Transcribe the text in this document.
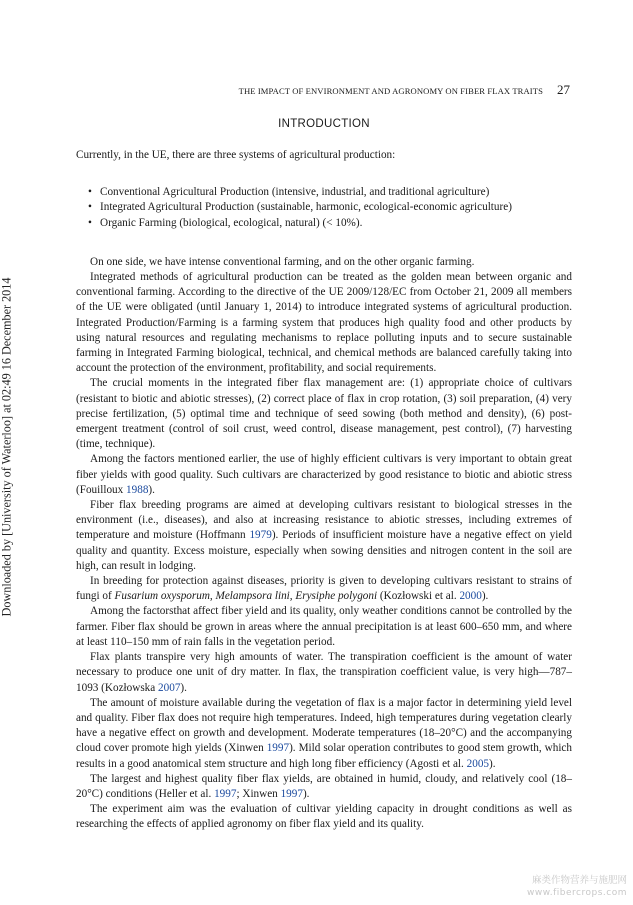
Downloaded by [University of Waterloo] at 02:49 16 December 2014
THE IMPACT OF ENVIRONMENT AND AGRONOMY ON FIBER FLAX TRAITS 27
INTRODUCTION

Currently, in the UE, there are three systems of agricultural production:

• Conventional Agricultural Production (intensive, industrial, and traditional agriculture)
• Integrated Agricultural Production (sustainable, harmonic, ecological-economic agriculture)
• Organic Farming (biological, ecological, natural) (< 10%).

On one side, we have intense conventional farming, and on the other organic farming.

Integrated methods of agricultural production can be treated as the golden mean between organic and conventional farming. According to the directive of the UE 2009/128/EC from October 21, 2009 all members of the UE were obligated (until January 1, 2014) to introduce integrated systems of agricultural production. Integrated Production/Farming is a farming system that produces high quality food and other products by using natural resources and regulating mechanisms to replace polluting inputs and to secure sustainable farming in Integrated Farming biological, technical, and chemical methods are balanced carefully taking into account the protection of the environment, profitability, and social requirements.

The crucial moments in the integrated fiber flax management are: (1) appropriate choice of cultivars (resistant to biotic and abiotic stresses), (2) correct place of flax in crop rotation, (3) soil preparation, (4) very precise fertilization, (5) optimal time and technique of seed sowing (both method and density), (6) post-emergent treatment (control of soil crust, weed control, disease management, pest control), (7) harvesting (time, technique).

Among the factors mentioned earlier, the use of highly efficient cultivars is very important to obtain great fiber yields with good quality. Such cultivars are characterized by good resistance to biotic and abiotic stress (Fouilloux 1988).

Fiber flax breeding programs are aimed at developing cultivars resistant to biological stresses in the environment (i.e., diseases), and also at increasing resistance to abiotic stresses, including extremes of temperature and moisture (Hoffmann 1979). Periods of insufficient moisture have a negative effect on yield quality and quantity. Excess moisture, especially when sowing densities and nitrogen content in the soil are high, can result in lodging.

In breeding for protection against diseases, priority is given to developing cultivars resistant to strains of fungi of Fusarium oxysporum, Melampsora lini, Erysiphe polygoni (Kozłowski et al. 2000).

Among the factorsthat affect fiber yield and its quality, only weather conditions cannot be controlled by the farmer. Fiber flax should be grown in areas where the annual precipitation is at least 600–650 mm, and where at least 110–150 mm of rain falls in the vegetation period.

Flax plants transpire very high amounts of water. The transpiration coefficient is the amount of water necessary to produce one unit of dry matter. In flax, the transpiration coefficient value, is very high—787–1093 (Kozłowska 2007).

The amount of moisture available during the vegetation of flax is a major factor in determining yield level and quality. Fiber flax does not require high temperatures. Indeed, high temperatures during vegetation clearly have a negative effect on growth and development. Moderate temperatures (18–20°C) and the accompanying cloud cover promote high yields (Xinwen 1997). Mild solar operation contributes to good stem growth, which results in a good anatomical stem structure and high long fiber efficiency (Agosti et al. 2005).

The largest and highest quality fiber flax yields, are obtained in humid, cloudy, and relatively cool (18–20°C) conditions (Heller et al. 1997; Xinwen 1997).

The experiment aim was the evaluation of cultivar yielding capacity in drought conditions as well as researching the effects of applied agronomy on fiber flax yield and its quality.

麻类作物营养与施肥网
www.fibercrops.com
